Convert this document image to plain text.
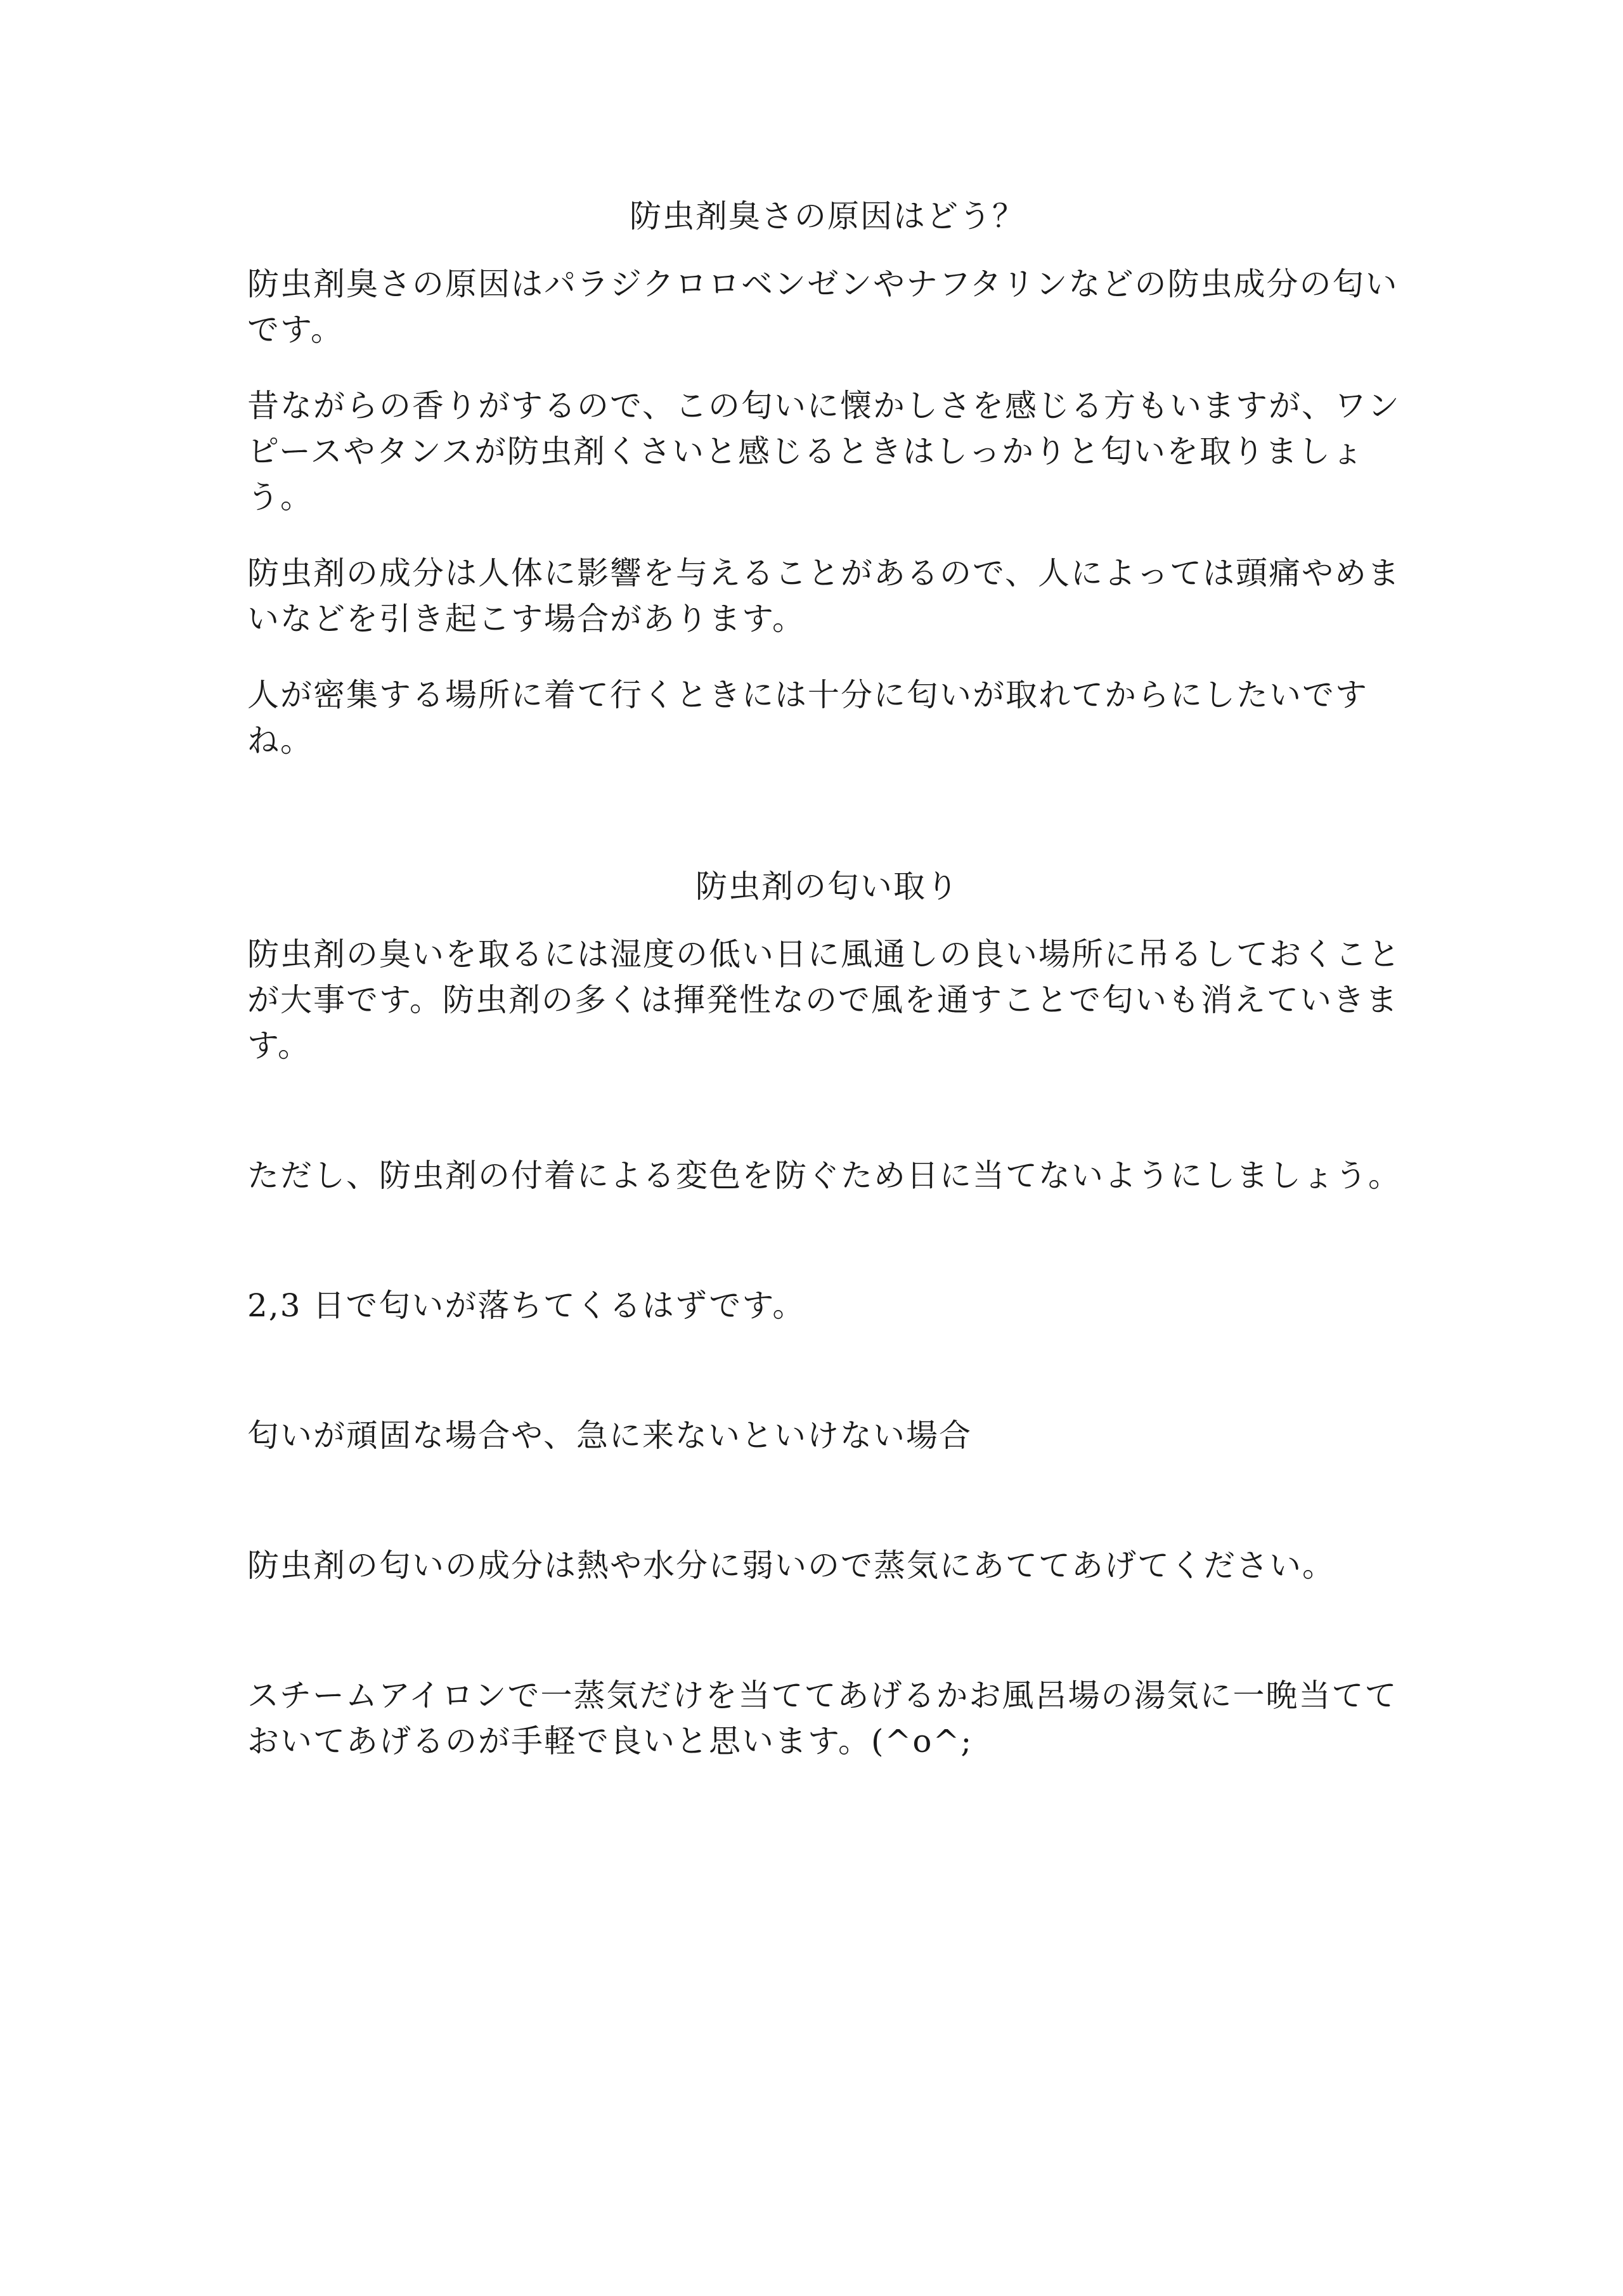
防虫剤臭さの原因はどう？
防虫剤臭さの原因はパラジクロロベンゼンやナフタリンなどの防虫成分の匂いです。
昔ながらの香りがするので、この匂いに懐かしさを感じる方もいますが、ワンピースやタンスが防虫剤くさいと感じるときはしっかりと匂いを取りましょう。
防虫剤の成分は人体に影響を与えることがあるので、人によっては頭痛やめまいなどを引き起こす場合があります。
人が密集する場所に着て行くときには十分に匂いが取れてからにしたいですね。
防虫剤の匂い取り
防虫剤の臭いを取るには湿度の低い日に風通しの良い場所に吊るしておくことが大事です。防虫剤の多くは揮発性なので風を通すことで匂いも消えていきます。
ただし、防虫剤の付着による変色を防ぐため日に当てないようにしましょう。
2,3 日で匂いが落ちてくるはずです。
匂いが頑固な場合や、急に来ないといけない場合
防虫剤の匂いの成分は熱や水分に弱いので蒸気にあててあげてください。
スチームアイロンで一蒸気だけを当ててあげるかお風呂場の湯気に一晩当てておいてあげるのが手軽で良いと思います。(^o^;
